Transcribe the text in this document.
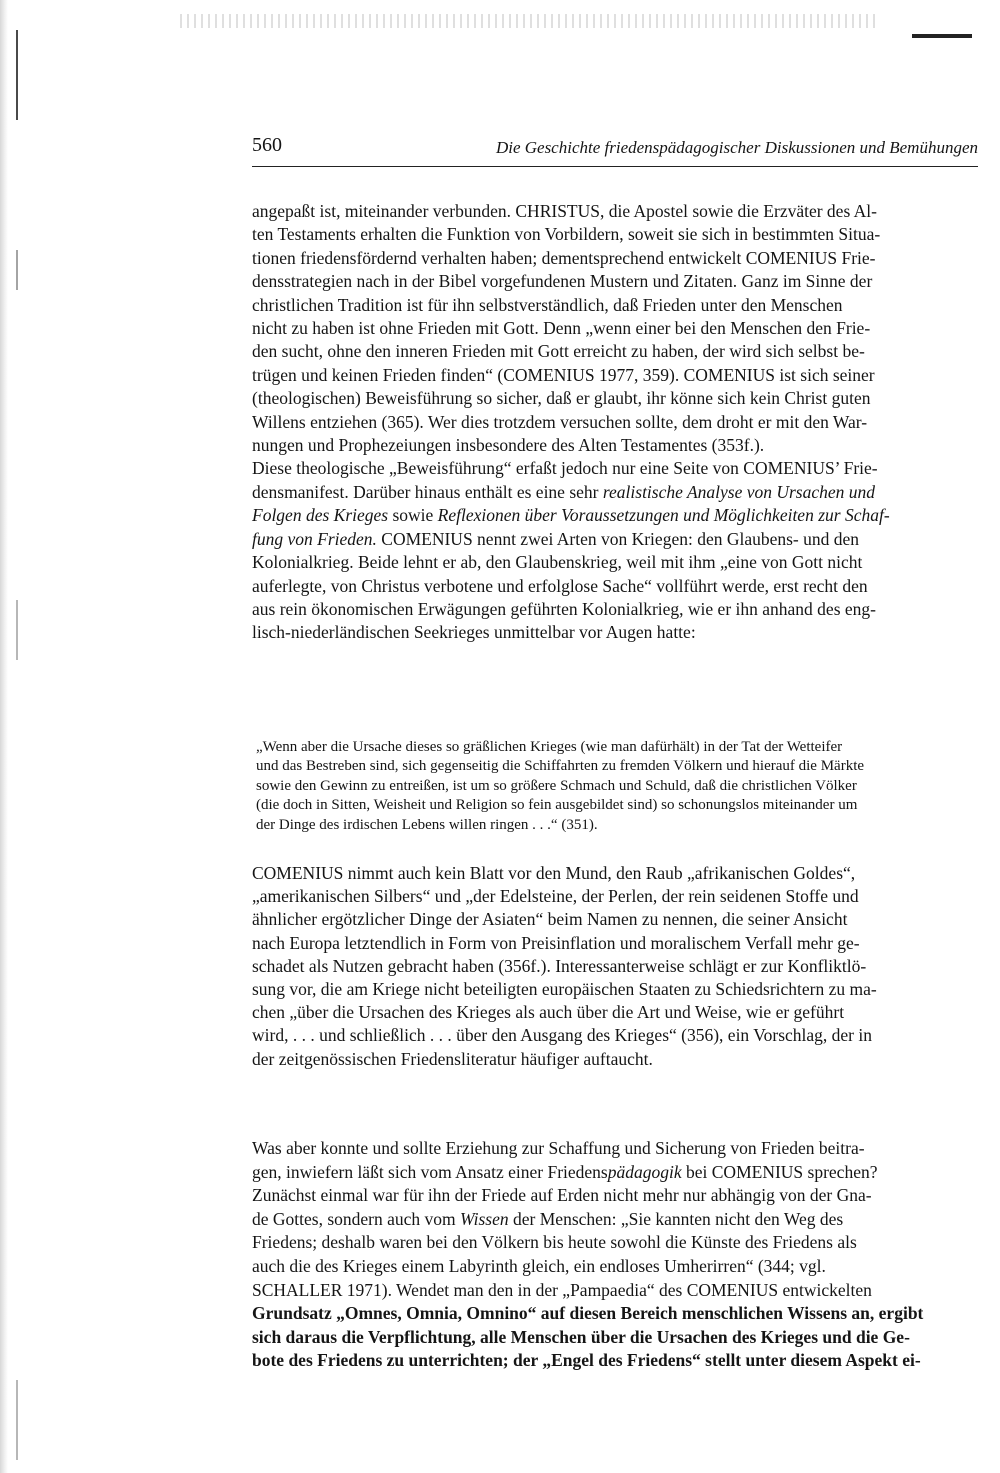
560	Die Geschichte friedenspädagogischer Diskussionen und Bemühungen
angepaßt ist, miteinander verbunden. CHRISTUS, die Apostel sowie die Erzväter des Al-
ten Testaments erhalten die Funktion von Vorbildern, soweit sie sich in bestimmten Situa-
tionen friedensfördernd verhalten haben; dementsprechend entwickelt COMENIUS Frie-
densstrategien nach in der Bibel vorgefundenen Mustern und Zitaten. Ganz im Sinne der
christlichen Tradition ist für ihn selbstverständlich, daß Frieden unter den Menschen
nicht zu haben ist ohne Frieden mit Gott. Denn „wenn einer bei den Menschen den Frie-
den sucht, ohne den inneren Frieden mit Gott erreicht zu haben, der wird sich selbst be-
trügen und keinen Frieden finden“ (COMENIUS 1977, 359). COMENIUS ist sich seiner
(theologischen) Beweisführung so sicher, daß er glaubt, ihr könne sich kein Christ guten
Willens entziehen (365). Wer dies trotzdem versuchen sollte, dem droht er mit den War-
nungen und Prophezeiungen insbesondere des Alten Testamentes (353f.).
Diese theologische „Beweisführung“ erfaßt jedoch nur eine Seite von COMENIUS’ Frie-
densmanifest. Darüber hinaus enthält es eine sehr realistische Analyse von Ursachen und
Folgen des Krieges sowie Reflexionen über Voraussetzungen und Möglichkeiten zur Schaf-
fung von Frieden. COMENIUS nennt zwei Arten von Kriegen: den Glaubens- und den
Kolonialkrieg. Beide lehnt er ab, den Glaubenskrieg, weil mit ihm „eine von Gott nicht
auferlegte, von Christus verbotene und erfolglose Sache“ vollführt werde, erst recht den
aus rein ökonomischen Erwägungen geführten Kolonialkrieg, wie er ihn anhand des eng-
lisch-niederländischen Seekrieges unmittelbar vor Augen hatte:
„Wenn aber die Ursache dieses so gräßlichen Krieges (wie man dafürhält) in der Tat der Wetteifer
und das Bestreben sind, sich gegenseitig die Schiffahrten zu fremden Völkern und hierauf die Märkte
sowie den Gewinn zu entreißen, ist um so größere Schmach und Schuld, daß die christlichen Völker
(die doch in Sitten, Weisheit und Religion so fein ausgebildet sind) so schonungslos miteinander um
der Dinge des irdischen Lebens willen ringen . . .“ (351).
COMENIUS nimmt auch kein Blatt vor den Mund, den Raub „afrikanischen Goldes“,
„amerikanischen Silbers“ und „der Edelsteine, der Perlen, der rein seidenen Stoffe und
ähnlicher ergötzlicher Dinge der Asiaten“ beim Namen zu nennen, die seiner Ansicht
nach Europa letztendlich in Form von Preisinflation und moralischem Verfall mehr ge-
schadet als Nutzen gebracht haben (356f.). Interessanterweise schlägt er zur Konfliktlö-
sung vor, die am Kriege nicht beteiligten europäischen Staaten zu Schiedsrichtern zu ma-
chen „über die Ursachen des Krieges als auch über die Art und Weise, wie er geführt
wird, . . . und schließlich . . . über den Ausgang des Krieges“ (356), ein Vorschlag, der in
der zeitgenössischen Friedensliteratur häufiger auftaucht.
Was aber konnte und sollte Erziehung zur Schaffung und Sicherung von Frieden beitra-
gen, inwiefern läßt sich vom Ansatz einer Friedenspädagogik bei COMENIUS sprechen?
Zunächst einmal war für ihn der Friede auf Erden nicht mehr nur abhängig von der Gna-
de Gottes, sondern auch vom Wissen der Menschen: „Sie kannten nicht den Weg des
Friedens; deshalb waren bei den Völkern bis heute sowohl die Künste des Friedens als
auch die des Krieges einem Labyrinth gleich, ein endloses Umherirren“ (344; vgl.
SCHALLER 1971). Wendet man den in der „Pampaedia“ des COMENIUS entwickelten
Grundsatz „Omnes, Omnia, Omnino“ auf diesen Bereich menschlichen Wissens an, ergibt
sich daraus die Verpflichtung, alle Menschen über die Ursachen des Krieges und die Ge-
bote des Friedens zu unterrichten; der „Engel des Friedens“ stellt unter diesem Aspekt ei-
